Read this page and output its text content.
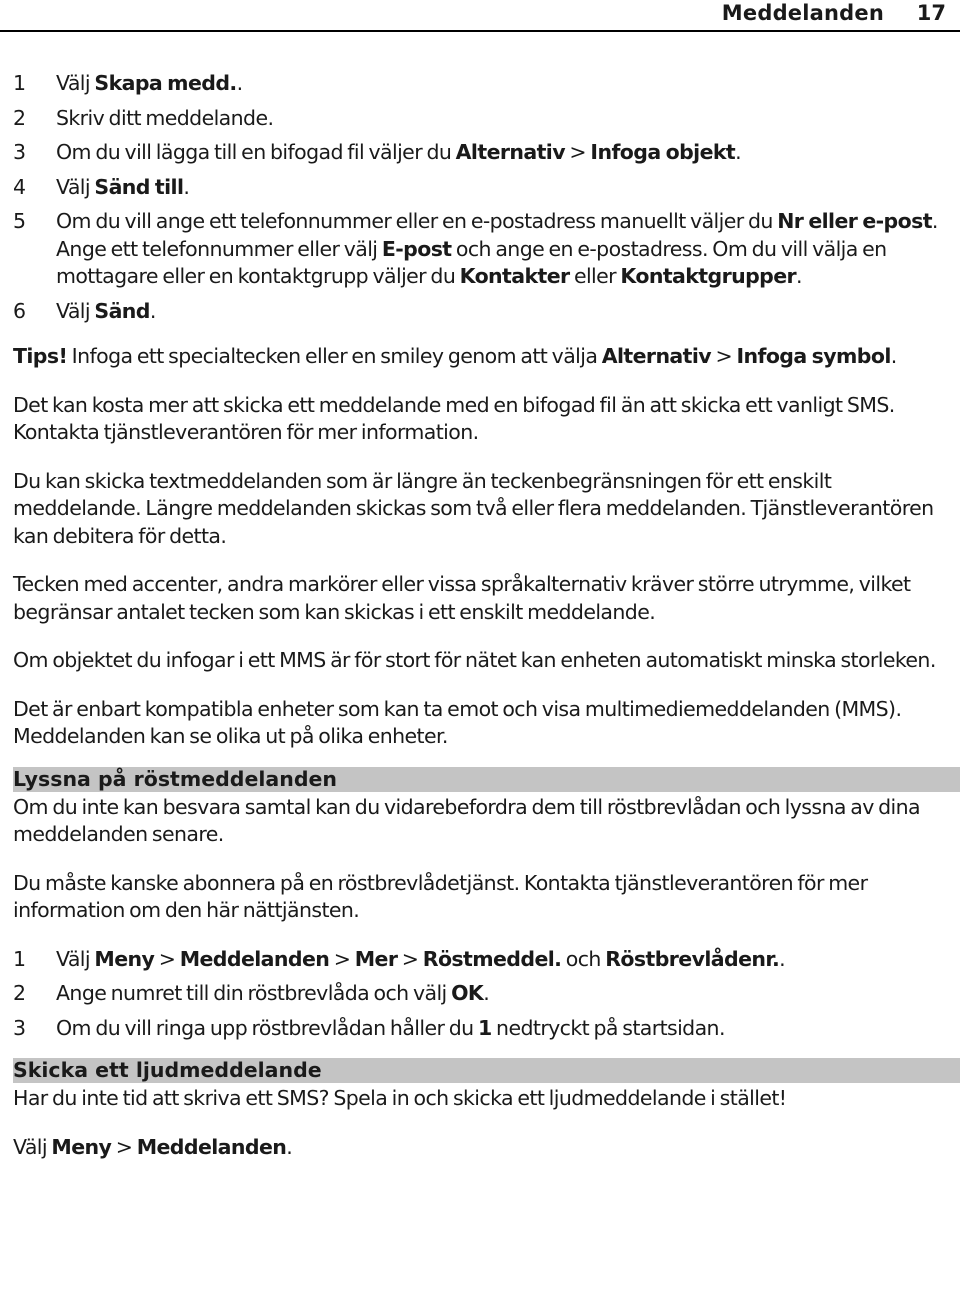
Meddelanden 17
1 Välj Skapa medd..
2 Skriv ditt meddelande.
3 Om du vill lägga till en bifogad fil väljer du Alternativ > Infoga objekt.
4 Välj Sänd till.
5 Om du vill ange ett telefonnummer eller en e-postadress manuellt väljer du Nr eller e-post. Ange ett telefonnummer eller välj E-post och ange en e-postadress. Om du vill välja en mottagare eller en kontaktgrupp väljer du Kontakter eller Kontaktgrupper.
6 Välj Sänd.

Tips! Infoga ett specialtecken eller en smiley genom att välja Alternativ > Infoga symbol.

Det kan kosta mer att skicka ett meddelande med en bifogad fil än att skicka ett vanligt SMS. Kontakta tjänstleverantören för mer information.

Du kan skicka textmeddelanden som är längre än teckenbegränsningen för ett enskilt meddelande. Längre meddelanden skickas som två eller flera meddelanden. Tjänstleverantören kan debitera för detta.

Tecken med accenter, andra markörer eller vissa språkalternativ kräver större utrymme, vilket begränsar antalet tecken som kan skickas i ett enskilt meddelande.

Om objektet du infogar i ett MMS är för stort för nätet kan enheten automatiskt minska storleken.

Det är enbart kompatibla enheter som kan ta emot och visa multimediemeddelanden (MMS). Meddelanden kan se olika ut på olika enheter.

Lyssna på röstmeddelanden

Om du inte kan besvara samtal kan du vidarebefordra dem till röstbrevlådan och lyssna av dina meddelanden senare.

Du måste kanske abonnera på en röstbrevlådetjänst. Kontakta tjänstleverantören för mer information om den här nättjänsten.

1 Välj Meny > Meddelanden > Mer > Röstmeddel. och Röstbrevlådenr..
2 Ange numret till din röstbrevlåda och välj OK.
3 Om du vill ringa upp röstbrevlådan håller du 1 nedtryckt på startsidan.
Skicka ett ljudmeddelande

Har du inte tid att skriva ett SMS? Spela in och skicka ett ljudmeddelande i stället!

Välj Meny > Meddelanden.
